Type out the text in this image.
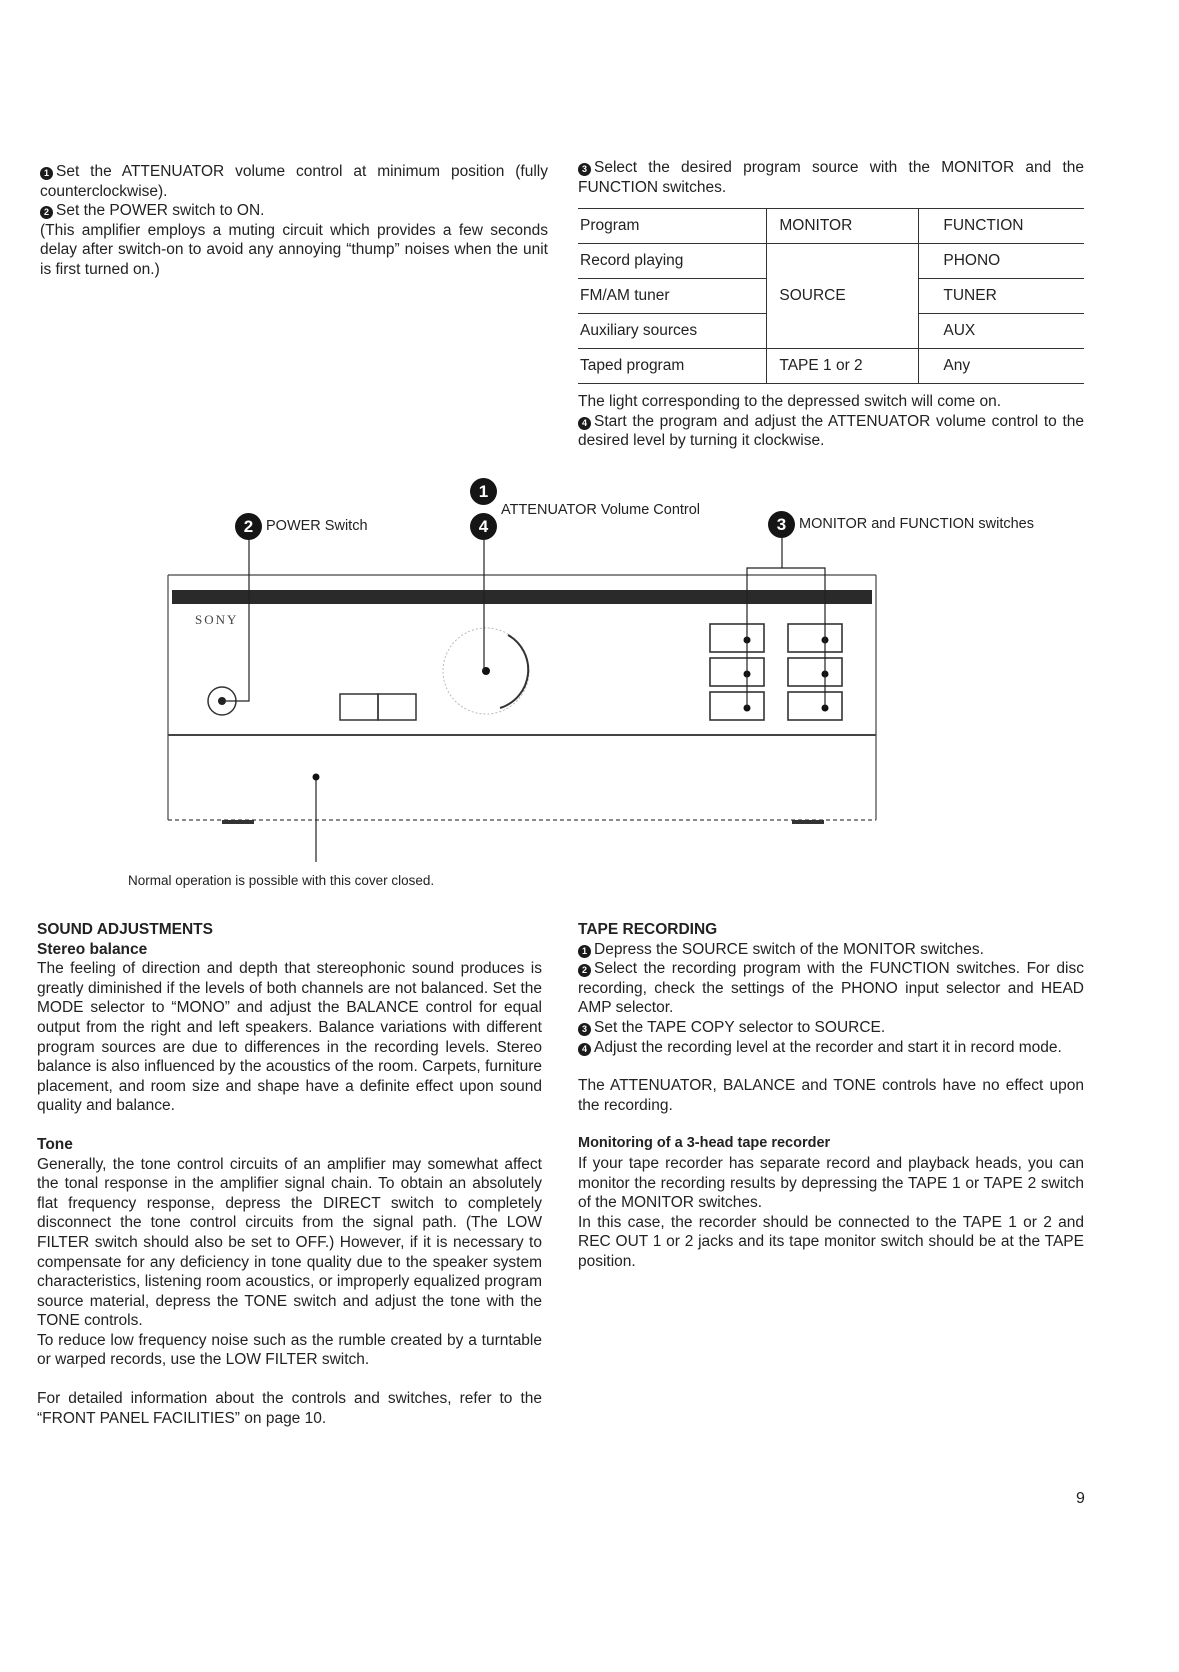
1 Set the ATTENUATOR volume control at minimum position (fully counterclockwise).

2 Set the POWER switch to ON.

(This amplifier employs a muting circuit which provides a few seconds delay after switch-on to avoid any annoying “thump” noises when the unit is first turned on.)

3 Select the desired program source with the MONITOR and the FUNCTION switches.

Program	MONITOR	FUNCTION
Record playing	SOURCE	PHONO
FM/AM tuner		TUNER
Auxiliary sources		AUX
Taped program	TAPE 1 or 2	Any

The light corresponding to the depressed switch will come on.

4 Start the program and adjust the ATTENUATOR volume control to the desired level by turning it clockwise.

2 POWER Switch
1
4
ATTENUATOR Volume Control
3 MONITOR and FUNCTION switches
SONY
Normal operation is possible with this cover closed.

SOUND ADJUSTMENTS

Stereo balance

The feeling of direction and depth that stereophonic sound produces is greatly diminished if the levels of both channels are not balanced. Set the MODE selector to “MONO” and adjust the BALANCE control for equal output from the right and left speakers. Balance variations with different program sources are due to differences in the recording levels. Stereo balance is also influenced by the acoustics of the room. Carpets, furniture placement, and room size and shape have a definite effect upon sound quality and balance.

Tone

Generally, the tone control circuits of an amplifier may somewhat affect the tonal response in the amplifier signal chain. To obtain an absolutely flat frequency response, depress the DIRECT switch to completely disconnect the tone control circuits from the signal path. (The LOW FILTER switch should also be set to OFF.) However, if it is necessary to compensate for any deficiency in tone quality due to the speaker system characteristics, listening room acoustics, or improperly equalized program source material, depress the TONE switch and adjust the tone with the TONE controls.

To reduce low frequency noise such as the rumble created by a turntable or warped records, use the LOW FILTER switch.

For detailed information about the controls and switches, refer to the “FRONT PANEL FACILITIES” on page 10.

TAPE RECORDING

1 Depress the SOURCE switch of the MONITOR switches.

2 Select the recording program with the FUNCTION switches. For disc recording, check the settings of the PHONO input selector and HEAD AMP selector.

3 Set the TAPE COPY selector to SOURCE.

4 Adjust the recording level at the recorder and start it in record mode.

The ATTENUATOR, BALANCE and TONE controls have no effect upon the recording.

Monitoring of a 3-head tape recorder

If your tape recorder has separate record and playback heads, you can monitor the recording results by depressing the TAPE 1 or TAPE 2 switch of the MONITOR switches.

In this case, the recorder should be connected to the TAPE 1 or 2 and REC OUT 1 or 2 jacks and its tape monitor switch should be at the TAPE position.

9
